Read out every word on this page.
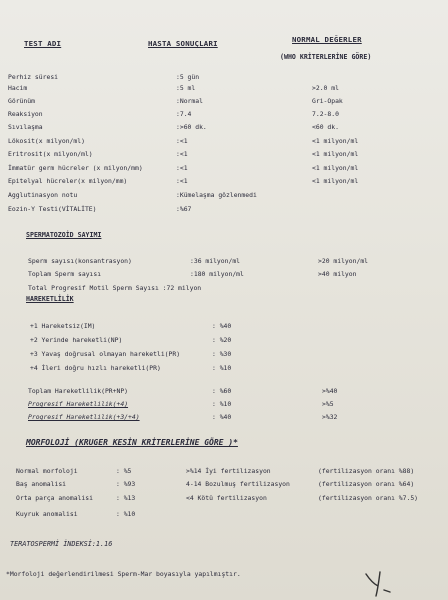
TEST ADI	HASTA SONUÇLARI	NORMAL DEĞERLER
(WHO KRİTERLERİNE GÖRE)
Perhiz süresi	:5 gün
Hacim	:5 ml	>2.0 ml
Görünüm	:Normal	Gri-Opak
Reaksiyon	:7.4	7.2-8.0
Sıvılaşma	:>60 dk.	<60 dk.
Lökosit(x milyon/ml)	:<1	<1 milyon/ml
Eritrosit(x milyon/ml)	:<1	<1 milyon/ml
İmmatür germ hücreler (x milyon/mm)	:<1	<1 milyon/ml
Epitelyal hücreler(x milyon/mm)	:<1	<1 milyon/ml
Agglutinasyon notu	:Kümelaşma gözlenmedi
Eozin-Y Testi(VİTALİTE)	:%67
SPERMATOZOİD SAYIMI
Sperm sayısı(konsantrasyon)	:36 milyon/ml	>20 milyon/ml
Toplam Sperm sayısı	:180 milyon/ml	>40 milyon
Total Progresif Motil Sperm Sayısı :72 milyon
HAREKETLİLİK
+1 Hareketsiz(IM)	: %40
+2 Yerinde hareketli(NP)	: %20
+3 Yavaş doğrusal olmayan hareketli(PR)	: %30
+4 İleri doğru hızlı hareketli(PR)	: %10
Toplam Hareketlilik(PR+NP)	: %60	>%40
Progresif Hareketlilik(+4)	: %10	>%5
Progresif Hareketlilik(+3/+4)	: %40	>%32
MORFOLOJİ (KRUGER KESİN KRİTERLERİNE GÖRE )*
Normal morfoloji	: %5	>%14 İyi fertilizasyon	(fertilizasyon oranı %88)
Baş anomalisi	: %93	4-14 Bozulmuş fertilizasyon	(fertilizasyon oranı %64)
Orta parça anomalisi	: %13	<4 Kötü fertilizasyon	(fertilizasyon oranı %7.5)
Kuyruk anomalisi	: %10
TERATOSPERMİ İNDEKSİ:1.16
*Morfoloji değerlendirilmesi Sperm-Mar boyasıyla yapılmıştır.
